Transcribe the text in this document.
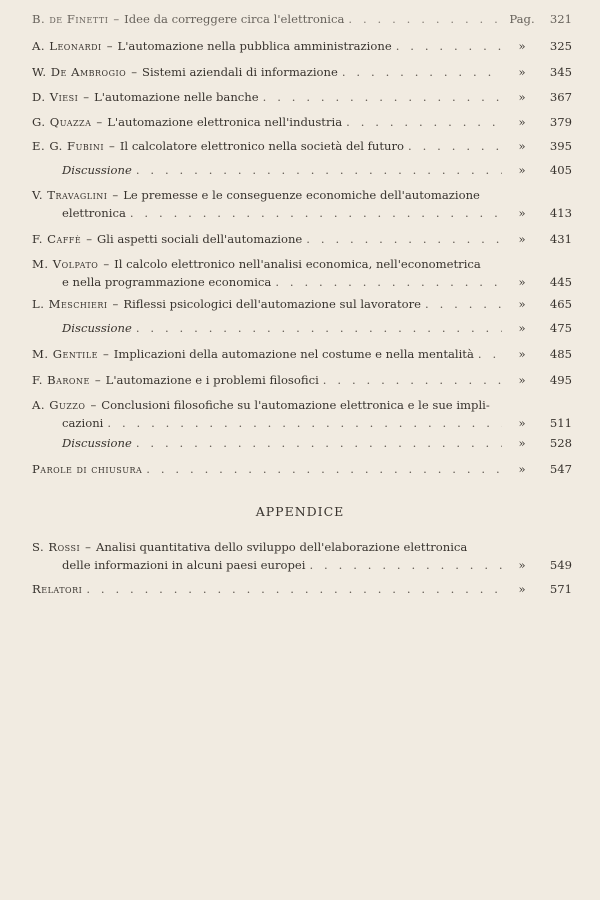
B. de Finetti – Idee da correggere circa l'elettronica . . .	Pag.	321
A. Leonardi – L'automazione nella pubblica amministrazione . . .	»	325
W. De Ambrogio – Sistemi aziendali di informazione . . .	»	345
D. Viesi – L'automazione nelle banche . . .	»	367
G. Quazza – L'automazione elettronica nell'industria . . .	»	379
E. G. Fubini – Il calcolatore elettronico nella società del futuro . . .	»	395
Discussione . . .	»	405
V. Travaglini – Le premesse e le conseguenze economiche dell'automazione
elettronica . . .	»	413
F. Caffè – Gli aspetti sociali dell'automazione . . .	»	431
M. Volpato – Il calcolo elettronico nell'analisi economica, nell'econometrica
e nella programmazione economica . . .	»	445
L. Meschieri – Riflessi psicologici dell'automazione sul lavoratore . . .	»	465
Discussione . . .	»	475
M. Gentile – Implicazioni della automazione nel costume e nella mentalità . . .	»	485
F. Barone – L'automazione e i problemi filosofici . . .	»	495
A. Guzzo – Conclusioni filosofiche su l'automazione elettronica e le sue impli-
cazioni . . .	»	511
Discussione . . .	»	528
Parole di chiusura . . .	»	547
APPENDICE
S. Rossi – Analisi quantitativa dello sviluppo dell'elaborazione elettronica
delle informazioni in alcuni paesi europei . . .	»	549
Relatori . . .	»	571
